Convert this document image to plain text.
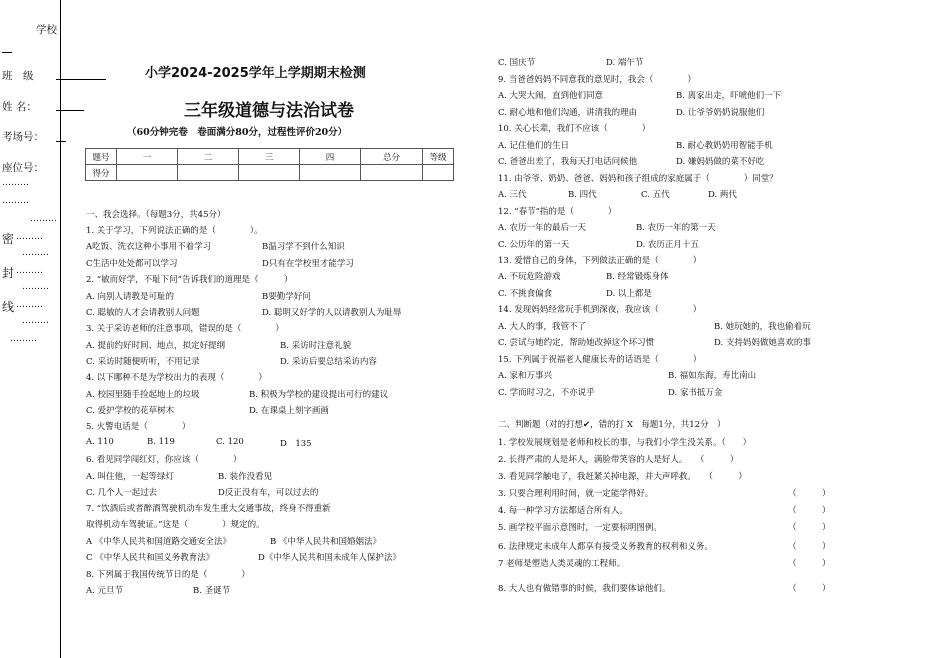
学校
班　级
姓 名：
考场号：
座位号：
………
………
………
密 ………
………
封 ………
………
线 ………
………
………
小学2024-2025学年上学期期末检测
三年级道德与法治试卷
（60分钟完卷　卷面满分80分，过程性评价20分）
题号	一	二	三	四	总分	等级
得分						
一、我会选择。（每题3分，共45分）
1. 关于学习，下列说法正确的是（　　　　）。
A吃饭、洗衣这种小事用不着学习	B温习学不到什么知识
C生活中处处都可以学习	D只有在学校里才能学习
2. “敏而好学，不耻下问”告诉我们的道理是（　　　）
A. 向别人请教是可耻的	B要勤学好问
C. 聪敏的人才会请教别人问题	D. 聪明又好学的人以请教别人为耻辱
3. 关于采访老师的注意事项，错误的是（　　　　）
A. 提前约好时间、地点，拟定好提纲	B. 采访时注意礼貌
C. 采访时随便听听，不用记录	D. 采访后要总结采访内容
4. 以下哪种不是为学校出力的表现（　　　　）
A. 校园里随手捡起地上的垃圾	B. 积极为学校的建设提出可行的建议
C. 爱护学校的花草树木	D. 在课桌上刻字画画
5. 火警电话是（　　　　）
A. 110	B. 119	C. 120	D　135
6. 看见同学闯红灯，你应该（　　　　）
A. 叫住他，一起等绿灯	B. 装作没看见
C. 几个人一起过去	D反正没有车，可以过去的
7. “饮酒后或者醉酒驾驶机动车发生重大交通事故，终身不得重新
取得机动车驾驶证。”这是（　　　　）规定的。
A 《中华人民共和国道路交通安全法》	B 《中华人民共和国婚姻法》
C 《中华人民共和国义务教育法》	D《中华人民共和国未成年人保护法》
8. 下列属于我国传统节日的是（　　　　）
A. 元旦节	B. 圣诞节
C. 国庆节	D. 端午节
9. 当爸爸妈妈不同意我的意见时，我会（　　　　）
A. 大哭大闹，直到他们同意	B. 离家出走，吓唬他们一下
C. 耐心地和他们沟通，讲清我的理由	D. 让爷爷奶奶说服他们
10. 关心长辈，我们不应该（　　　　）
A. 记住他们的生日	B. 耐心教奶奶用智能手机
C. 爸爸出差了，我每天打电话问候他	D. 嫌妈妈做的菜不好吃
11. 由爷爷、奶奶、爸爸、妈妈和孩子组成的家庭属于（　　　　）同堂？
A. 三代	B. 四代	C. 五代	D. 两代
12. “春节”指的是（　　　　）
A. 农历一年的最后一天	B. 农历一年的第一天
C. 公历年的第一天	D. 农历正月十五
13. 爱惜自己的身体，下列做法正确的是（　　　　）
A. 不玩危险游戏	B. 经常锻炼身体
C. 不挑食偏食	D. 以上都是
14. 发现妈妈经常玩手机到深夜，我应该（　　　　）
A. 大人的事，我管不了	B. 她玩她的，我也偷着玩
C. 尝试与她约定，帮助她改掉这个坏习惯	D. 支持妈妈做她喜欢的事
15. 下列属于祝福老人健康长寿的话语是（　　　　）
A. 家和万事兴	B. 福如东海，寿比南山
C. 学而时习之，不亦说乎	D. 家书抵万金
二、判断题（对的打想✔，错的打 X　每题1分，共12分　）
1. 学校发展规划是老师和校长的事，与我们小学生没关系。（　　）
2. 长得严肃的人是坏人，满脸带笑容的人是好人。　　（　　　）
3. 看见同学触电了，我赶紧关掉电源，并大声呼救。　　（　　　）
3. 只要合理利用时间，就一定能学得好。	（　　　）
4. 每一种学习方法都适合所有人。	（　　　）
5. 画学校平面示意图时，一定要标明图例。	（　　　）
6. 法律规定未成年人都享有接受义务教育的权利和义务。	（　　　）
7 老师是塑造人类灵魂的工程师。	（　　　）
8. 大人也有做错事的时候，我们要体谅他们。	（　　　）
